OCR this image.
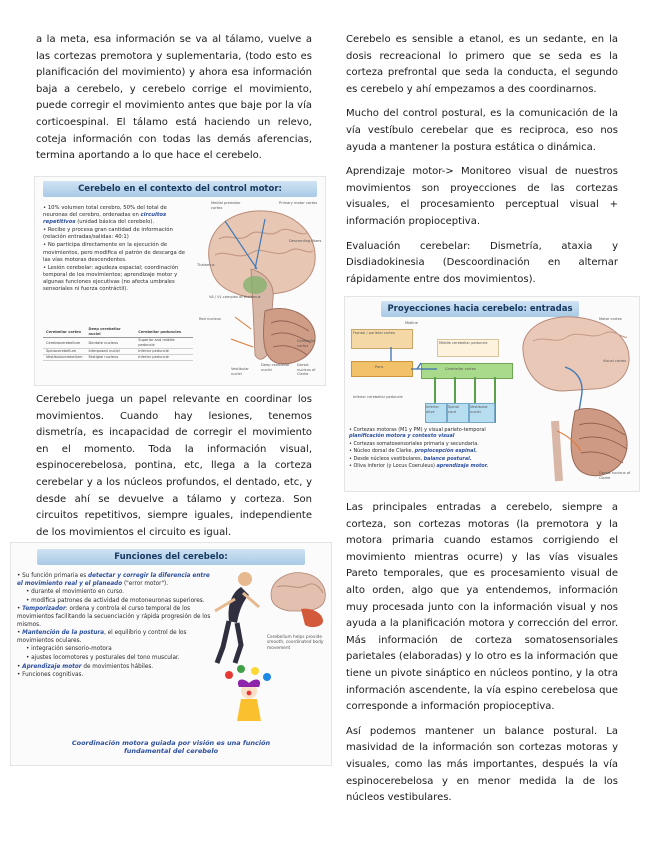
a la meta, esa información se va al tálamo, vuelve a las cortezas premotora y suplementaria, (todo esto es planificación del movimiento) y ahora esa información baja a cerebelo, y cerebelo corrige el movimiento, puede corregir el movimiento antes que baje por la vía corticoespinal. El tálamo está haciendo un relevo, coteja información con todas las demás aferencias, termina aportando a lo que hace el cerebelo.

Cerebelo en el contexto del control motor:
• 10% volumen total cerebro, 50% del total de neuronas del cerebro, ordenadas en circuitos repetitivos (unidad básica del cerebelo).
• Recibe y procesa gran cantidad de información (relación entradas/salidas: 40:1)
• No participa directamente en la ejecución de movimientos, pero modifica el patrón de descarga de las vías motoras descendentes.
• Lesión cerebelar: agudeza espacial; coordinación temporal de los movimientos; aprendizaje motor y algunas funciones ejecutivas (no afecta umbrales sensoriales ni fuerza contráctil).
Cerebellar cortex	Deep cerebellar nuclei	Cerebellar peduncles
Cerebrocerebellum	Dentate nucleus	Superior and middle peduncle
Spinocerebellum	Interposed nuclei	Inferior peduncle
Vestibulocerebellum	Fastigial nucleus	Inferior peduncle
Medial premotor cortex
Primary motor cortex
Descending fibers
Thalamus
VA / VL complex of thalamus
Red nucleus
Cerebellar cortex
Deep cerebellar nuclei
Dorsal nucleus of Clarke
Vestibular nuclei

Cerebelo juega un papel relevante en coordinar los movimientos. Cuando hay lesiones, tenemos dismetría, es incapacidad de corregir el movimiento en el momento. Toda la información visual, espinocerebelosa, pontina, etc, llega a la corteza cerebelar y a los núcleos profundos, el dentado, etc, y desde ahí se devuelve a tálamo y corteza. Son circuitos repetitivos, siempre iguales, independiente de los movimientos el circuito es igual.

Funciones del cerebelo:
• Su función primaria es detectar y corregir la diferencia entre el movimiento real y el planeado ("error motor").
• durante el movimiento en curso.
• modifica patrones de actividad de motoneuronas superiores.
• Temporizador: ordena y controla el curso temporal de los movimientos facilitando la secuenciación y rápida progresión de los mismos.
• Mantención de la postura, el equilibrio y control de los movimientos oculares.
• integración sensorio-motora
• ajustes locomotores y posturales del tono muscular.
• Aprendizaje motor de movimientos hábiles.
• Funciones cognitivas.
Cerebellum helps provide smooth, coordinated body movement
Coordinación motora guiada por visión es una función fundamental del cerebelo

Cerebelo es sensible a etanol, es un sedante, en la dosis recreacional lo primero que se seda es la corteza prefrontal que seda la conducta, el segundo es cerebelo y ahí empezamos a des coordinarnos.

Mucho del control postural, es la comunicación de la vía vestíbulo cerebelar que es reciproca, eso nos ayuda a mantener la postura estática o dinámica.

Aprendizaje motor-> Monitoreo visual de nuestros movimientos son proyecciones de las cortezas visuales, el procesamiento perceptual visual + información propioceptiva.

Evaluación cerebelar: Dismetría, ataxia y Disdiadokinesia (Descoordinación en alternar rápidamente entre dos movimientos).

Proyecciones hacia cerebelo: entradas
Midline
Frontal / parietal cortex
Middle cerebellar peduncle
Pons	Cerebellar cortex
Inferior cerebellar peduncle
Inferior olive
Spinal cord
Vestibular nuclei
Motor cortex
Visual cortex
Dorsal nucleus of Clarke
• Cortezas motoras (M1 y PM) y visual parieto-temporal planificación motora y contexto visual
• Cortezas somatosensoriales primaria y secundaria.
• Núcleo dorsal de Clarke, propiocepción espinal.
• Desde núcleos vestibulares, balance postural.
• Oliva inferior (y Locus Coeruleus) aprendizaje motor.

Las principales entradas a cerebelo, siempre a corteza, son cortezas motoras (la premotora y la motora primaria cuando estamos corrigiendo el movimiento mientras ocurre) y las vías visuales Pareto temporales, que es procesamiento visual de alto orden, algo que ya entendemos, información muy procesada junto con la información visual y nos ayuda a la planificación motora y corrección del error. Más información de corteza somatosensoriales parietales (elaboradas) y lo otro es la información que tiene un pivote sináptico en núcleos pontino, y la otra información ascendente, la vía espino cerebelosa que corresponde a información propioceptiva.

Así podemos mantener un balance postural. La masividad de la información son cortezas motoras y visuales, como las más importantes, después la vía espinocerebelosa y en menor medida la de los núcleos vestibulares.
